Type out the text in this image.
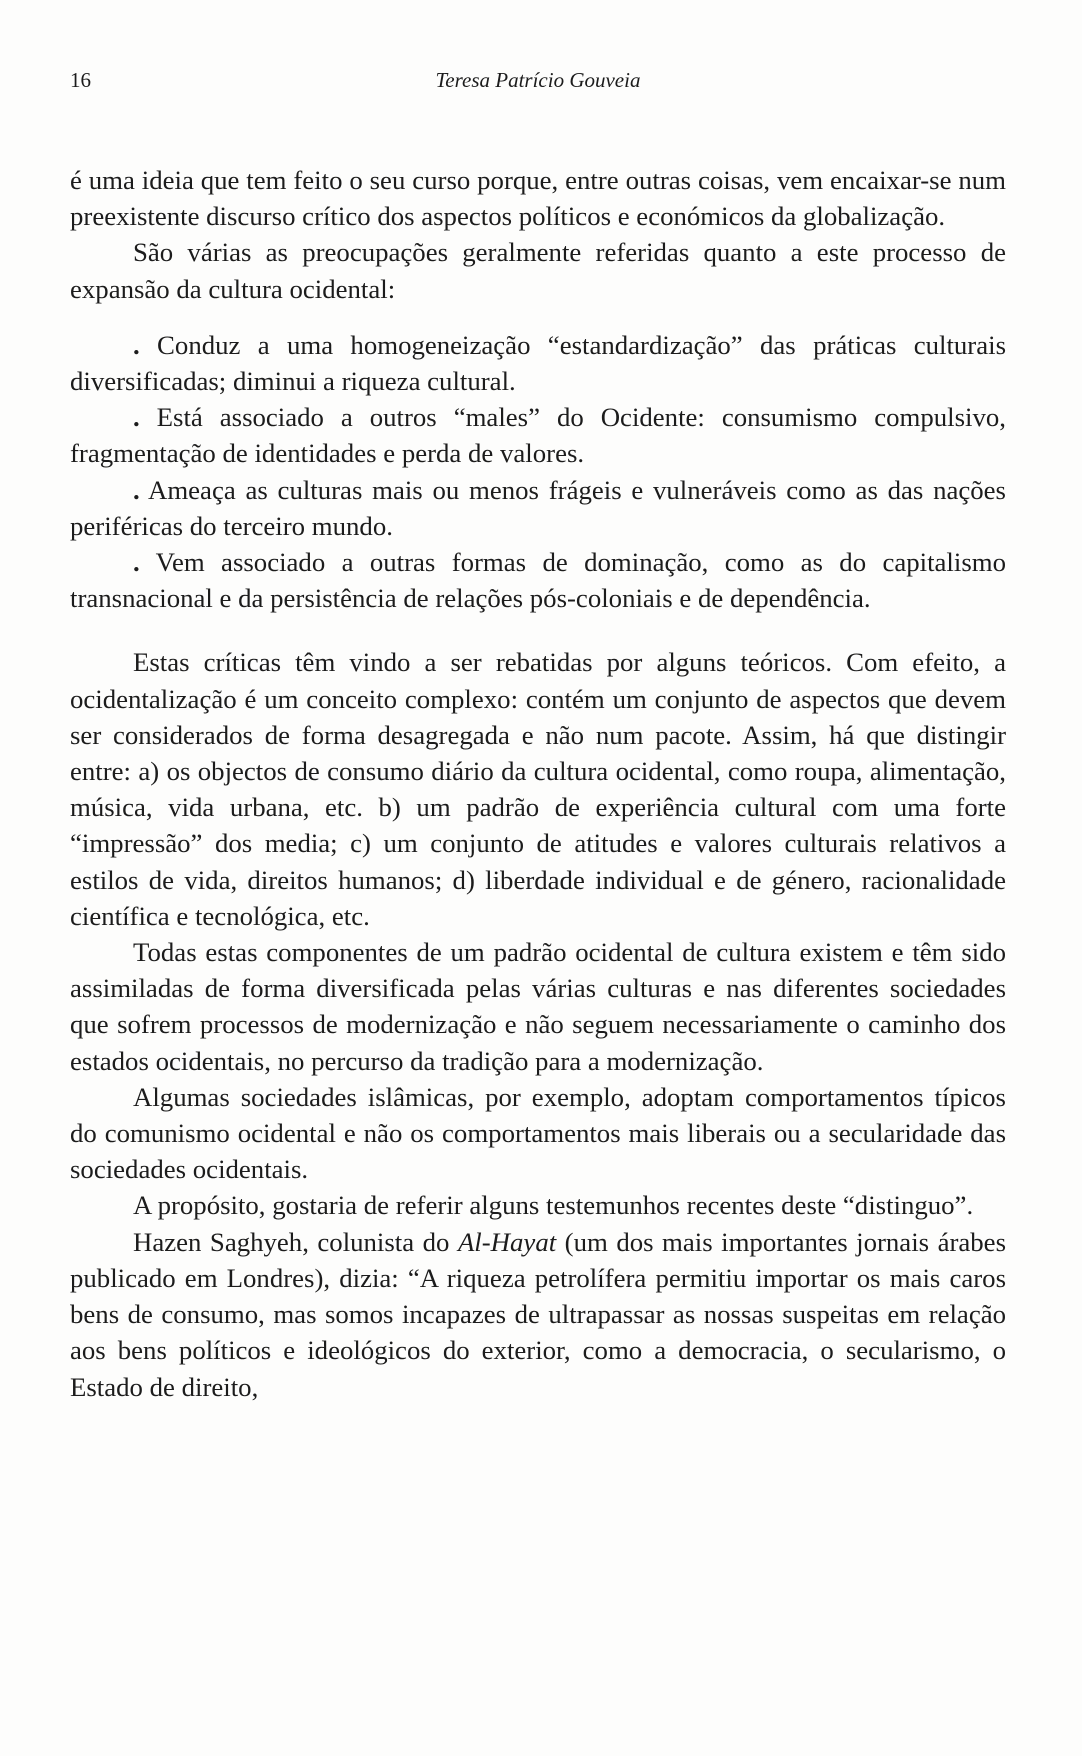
16	Teresa Patrício Gouveia

é uma ideia que tem feito o seu curso porque, entre outras coisas, vem encaixar-se num preexistente discurso crítico dos aspectos políticos e económicos da globalização.

São várias as preocupações geralmente referidas quanto a este processo de expansão da cultura ocidental:

. Conduz a uma homogeneização “estandardização” das práticas culturais diversificadas; diminui a riqueza cultural.

. Está associado a outros “males” do Ocidente: consumismo compulsivo, fragmentação de identidades e perda de valores.

. Ameaça as culturas mais ou menos frágeis e vulneráveis como as das nações periféricas do terceiro mundo.

. Vem associado a outras formas de dominação, como as do capitalismo transnacional e da persistência de relações pós-coloniais e de dependência.

Estas críticas têm vindo a ser rebatidas por alguns teóricos. Com efeito, a ocidentalização é um conceito complexo: contém um conjunto de aspectos que devem ser considerados de forma desagregada e não num pacote. Assim, há que distingir entre: a) os objectos de consumo diário da cultura ocidental, como roupa, alimentação, música, vida urbana, etc. b) um padrão de experiência cultural com uma forte “impressão” dos media; c) um conjunto de atitudes e valores culturais relativos a estilos de vida, direitos humanos; d) liberdade individual e de género, racionalidade científica e tecnológica, etc.

Todas estas componentes de um padrão ocidental de cultura existem e têm sido assimiladas de forma diversificada pelas várias culturas e nas diferentes sociedades que sofrem processos de modernização e não seguem necessariamente o caminho dos estados ocidentais, no percurso da tradição para a modernização.

Algumas sociedades islâmicas, por exemplo, adoptam comportamentos típicos do comunismo ocidental e não os comportamentos mais liberais ou a secularidade das sociedades ocidentais.

A propósito, gostaria de referir alguns testemunhos recentes deste “distinguo”.

Hazen Saghyeh, colunista do Al-Hayat (um dos mais importantes jornais árabes publicado em Londres), dizia: “A riqueza petrolífera permitiu importar os mais caros bens de consumo, mas somos incapazes de ultrapassar as nossas suspeitas em relação aos bens políticos e ideológicos do exterior, como a democracia, o secularismo, o Estado de direito,
